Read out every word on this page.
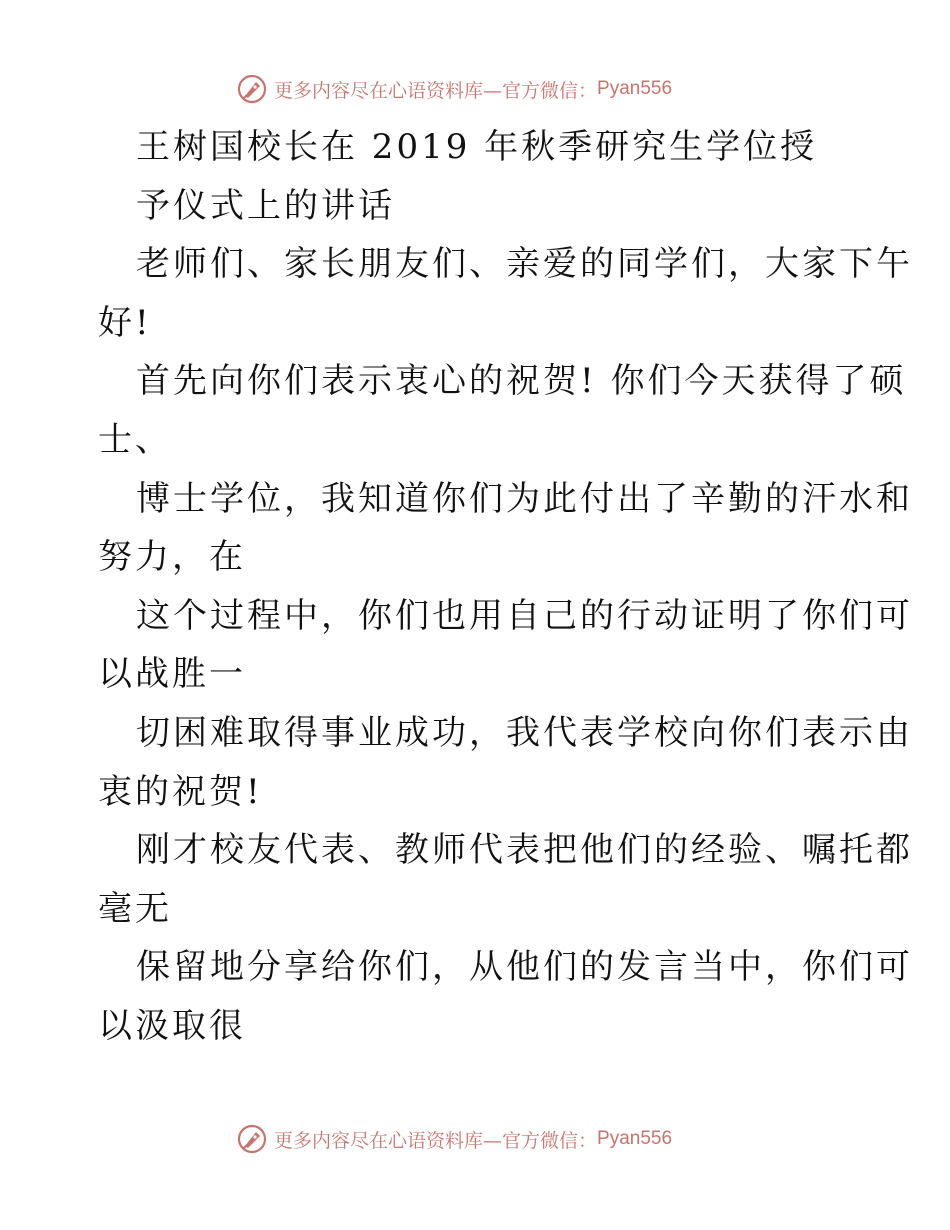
更多内容尽在心语资料库—官方微信： Pyan556
王树国校长在 2019 年秋季研究生学位授
予仪式上的讲话
老师们、家长朋友们、亲爱的同学们，大家下午
好!
首先向你们表示衷心的祝贺! 你们今天获得了硕
士、
博士学位，我知道你们为此付出了辛勤的汗水和
努力，在
这个过程中，你们也用自己的行动证明了你们可
以战胜一
切困难取得事业成功，我代表学校向你们表示由
衷的祝贺!
刚才校友代表、教师代表把他们的经验、嘱托都
毫无
保留地分享给你们，从他们的发言当中，你们可
以汲取很
更多内容尽在心语资料库—官方微信： Pyan556
